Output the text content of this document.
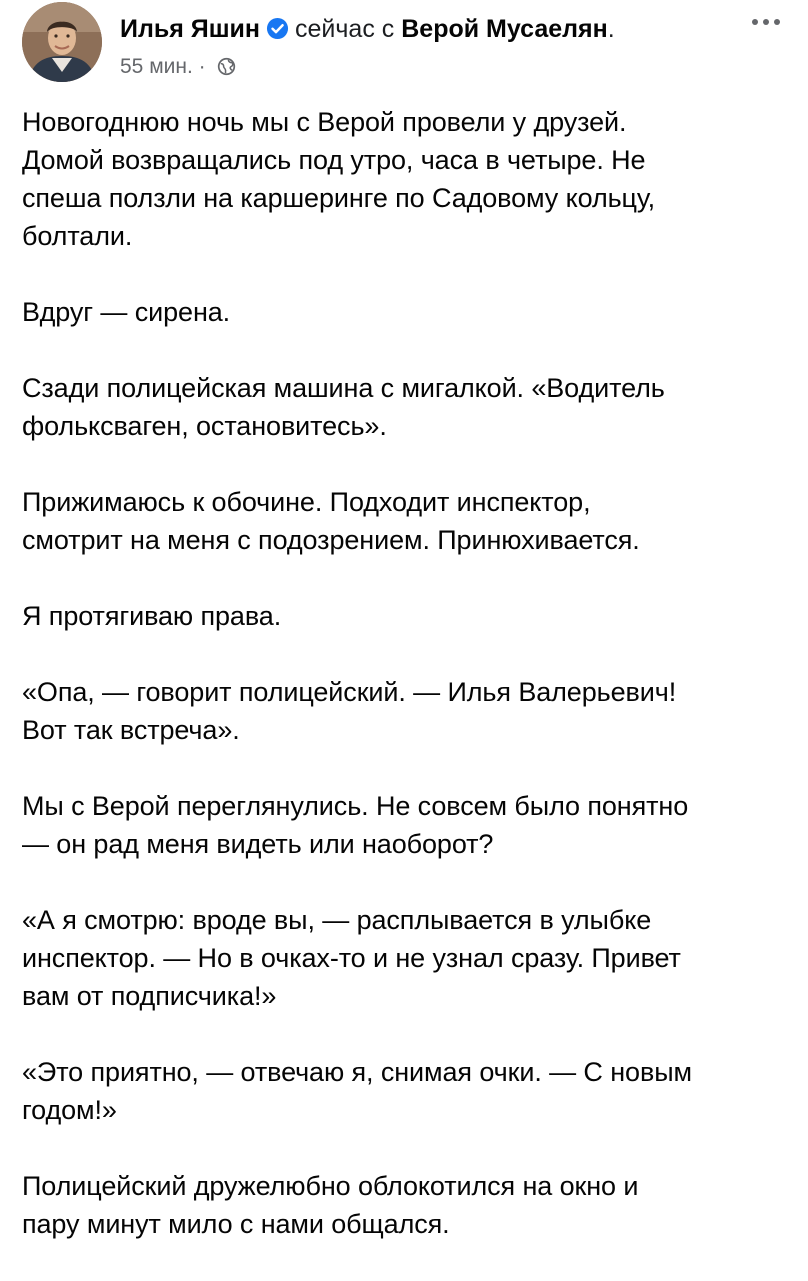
Илья Яшин сейчас с Верой Мусаелян.
55 мин. ·

Новогоднюю ночь мы с Верой провели у друзей.
Домой возвращались под утро, часа в четыре. Не
спеша ползли на каршеринге по Садовому кольцу,
болтали.

Вдруг — сирена.

Сзади полицейская машина с мигалкой. «Водитель
фольксваген, остановитесь».

Прижимаюсь к обочине. Подходит инспектор,
смотрит на меня с подозрением. Принюхивается.

Я протягиваю права.

«Опа, — говорит полицейский. — Илья Валерьевич!
Вот так встреча».

Мы с Верой переглянулись. Не совсем было понятно
— он рад меня видеть или наоборот?

«А я смотрю: вроде вы, — расплывается в улыбке
инспектор. — Но в очках-то и не узнал сразу. Привет
вам от подписчика!»

«Это приятно, — отвечаю я, снимая очки. — С новым
годом!»

Полицейский дружелюбно облокотился на окно и
пару минут мило с нами общался.
